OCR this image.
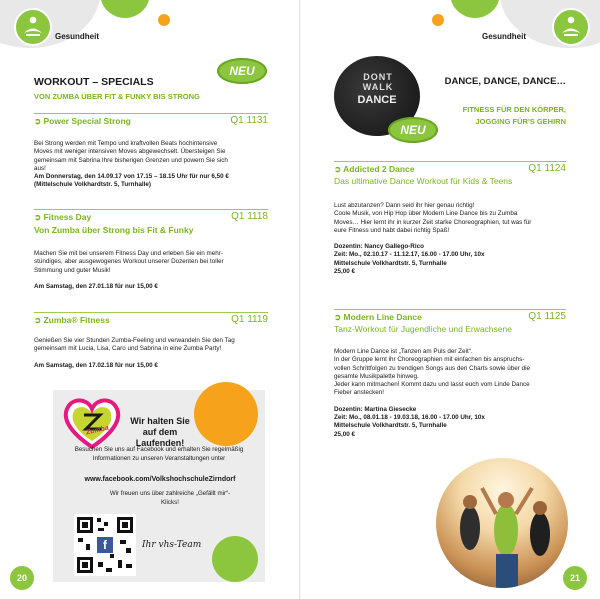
Gesundheit
WORKOUT – SPECIALS
VON ZUMBA ÜBER FIT & FUNKY BIS STRONG
NEU
➲ Power Special Strong	Q1 1131
Bei Strong werden mit Tempo und kraftvollen Beats hochintensive
Moves mit weniger intensiven Moves abgewechselt. Übersteigen Sie
gemeinsam mit Sabrina Ihre bisherigen Grenzen und powern Sie sich
aus!
Am Donnerstag, den 14.09.17 von 17.15 – 18.15 Uhr für nur 6,50 €
(Mittelschule Volkhardtstr. 5, Turnhalle)
➲ Fitness Day	Q1 1118
Von Zumba über Strong bis Fit & Funky
Machen Sie mit bei unserem Fitness Day und erleben Sie ein mehr-
stündiges, aber ausgewogenes Workout unserer Dozenten bei toller
Stimmung und guter Musik!
Am Samstag, den 27.01.18 für nur 15,00 €
➲ Zumba® Fitness	Q1 1119
Genießen Sie vier Stunden Zumba-Feeling und verwandeln Sie den Tag
gemeinsam mit Lucia, Lisa, Caro und Sabrina in eine Zumba Party!
Am Samstag, den 17.02.18 für nur 15,00 €
Zumba
Wir halten Sie auf dem Laufenden!
Besuchen Sie uns auf Facebook und erhalten Sie regelmäßig Informationen zu unseren Veranstaltungen unter
www.facebook.com/VolkshochschuleZirndorf
Wir freuen uns über zahlreiche „Gefällt mir“-Klicks!
f	Ihr vhs-Team
20
Gesundheit
DONT WALK
DANCE
NEU
DANCE, DANCE, DANCE…
FITNESS FÜR DEN KÖRPER,
JOGGING FÜR'S GEHIRN
➲ Addicted 2 Dance	Q1 1124
Das ultimative Dance Workout für Kids & Teens
Lust abzutanzen? Dann seid ihr hier genau richtig!
Coole Musik, von Hip Hop über Modern Line Dance bis zu Zumba
Moves… Hier lernt ihr in kurzer Zeit starke Choreographien, tut was für
eure Fitness und habt dabei richtig Spaß!
Dozentin: Nancy Gallego-Rico
Zeit: Mo., 02.10.17 - 11.12.17, 16.00 - 17.00 Uhr, 10x
Mittelschule Volkhardtstr. 5, Turnhalle
25,00 €
➲ Modern Line Dance	Q1 1125
Tanz-Workout für Jugendliche und Erwachsene
Modern Line Dance ist „Tanzen am Puls der Zeit“.
In der Gruppe lernt ihr Choreographien mit einfachen bis anspruchs-
vollen Schrittfolgen zu trendigen Songs aus den Charts sowie über die
gesamte Musikpalette hinweg.
Jeder kann mitmachen! Kommt dazu und lasst euch vom Linde Dance
Fieber anstecken!
Dozentin: Martina Giesecke
Zeit: Mo., 08.01.18 - 19.03.18, 16.00 - 17.00 Uhr, 10x
Mittelschule Volkhardtstr. 5, Turnhalle
25,00 €
21
